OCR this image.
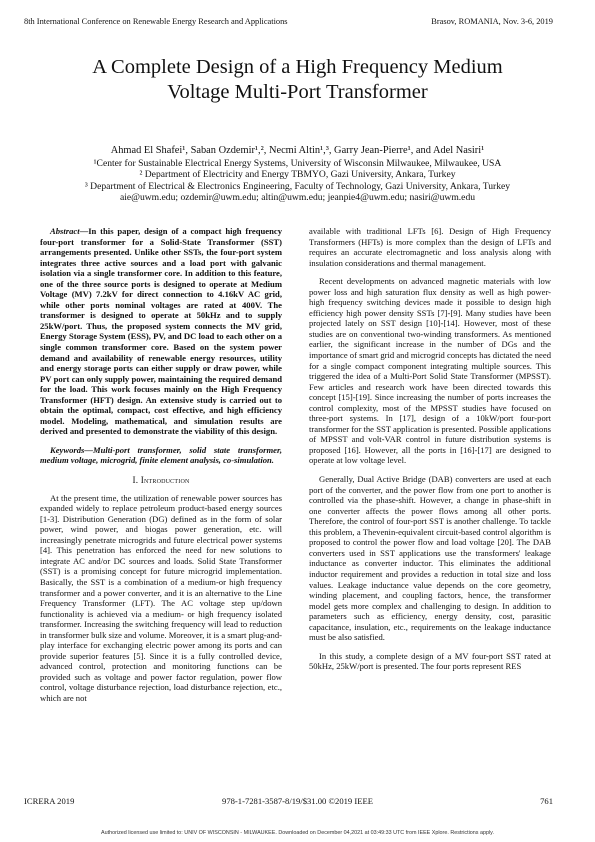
8th International Conference on Renewable Energy Research and Applications	Brasov, ROMANIA, Nov. 3-6, 2019
A Complete Design of a High Frequency Medium
Voltage Multi-Port Transformer
Ahmad El Shafei¹, Saban Ozdemir¹,², Necmi Altin¹,³, Garry Jean-Pierre¹, and Adel Nasiri¹
¹Center for Sustainable Electrical Energy Systems, University of Wisconsin Milwaukee, Milwaukee, USA
² Department of Electricity and Energy TBMYO, Gazi University, Ankara, Turkey
³ Department of Electrical & Electronics Engineering, Faculty of Technology, Gazi University, Ankara, Turkey
aie@uwm.edu; ozdemir@uwm.edu; altin@uwm.edu; jeanpie4@uwm.edu; nasiri@uwm.edu

Abstract—In this paper, design of a compact high frequency four-port transformer for a Solid-State Transformer (SST) arrangements presented. Unlike other SSTs, the four-port system integrates three active sources and a load port with galvanic isolation via a single transformer core. In addition to this feature, one of the three source ports is designed to operate at Medium Voltage (MV) 7.2kV for direct connection to 4.16kV AC grid, while other ports nominal voltages are rated at 400V. The transformer is designed to operate at 50kHz and to supply 25kW/port. Thus, the proposed system connects the MV grid, Energy Storage System (ESS), PV, and DC load to each other on a single common transformer core. Based on the system power demand and availability of renewable energy resources, utility and energy storage ports can either supply or draw power, while PV port can only supply power, maintaining the required demand for the load. This work focuses mainly on the High Frequency Transformer (HFT) design. An extensive study is carried out to obtain the optimal, compact, cost effective, and high efficiency model. Modeling, mathematical, and simulation results are derived and presented to demonstrate the viability of this design.

Keywords—Multi-port transformer, solid state transformer, medium voltage, microgrid, finite element analysis, co-simulation.

I. Introduction

At the present time, the utilization of renewable power sources has expanded widely to replace petroleum product-based energy sources [1-3]. Distribution Generation (DG) defined as in the form of solar power, wind power, and biogas power generation, etc. will increasingly penetrate microgrids and future electrical power systems [4]. This penetration has enforced the need for new solutions to integrate AC and/or DC sources and loads. Solid State Transformer (SST) is a promising concept for future microgrid implementation. Basically, the SST is a combination of a medium-or high frequency transformer and a power converter, and it is an alternative to the Line Frequency Transformer (LFT). The AC voltage step up/down functionality is achieved via a medium- or high frequency isolated transformer. Increasing the switching frequency will lead to reduction in transformer bulk size and volume. Moreover, it is a smart plug-and-play interface for exchanging electric power among its ports and can provide superior features [5]. Since it is a fully controlled device, advanced control, protection and monitoring functions can be provided such as voltage and power factor regulation, power flow control, voltage disturbance rejection, load disturbance rejection, etc., which are not

available with traditional LFTs [6]. Design of High Frequency Transformers (HFTs) is more complex than the design of LFTs and requires an accurate electromagnetic and loss analysis along with insulation considerations and thermal management.

Recent developments on advanced magnetic materials with low power loss and high saturation flux density as well as high power-high frequency switching devices made it possible to design high efficiency high power density SSTs [7]-[9]. Many studies have been projected lately on SST design [10]-[14]. However, most of these studies are on conventional two-winding transformers. As mentioned earlier, the significant increase in the number of DGs and the importance of smart grid and microgrid concepts has dictated the need for a single compact component integrating multiple sources. This triggered the idea of a Multi-Port Solid State Transformer (MPSST). Few articles and research work have been directed towards this concept [15]-[19]. Since increasing the number of ports increases the control complexity, most of the MPSST studies have focused on three-port systems. In [17], design of a 10kW/port four-port transformer for the SST application is presented. Possible applications of MPSST and volt-VAR control in future distribution systems is proposed [16]. However, all the ports in [16]-[17] are designed to operate at low voltage level.

Generally, Dual Active Bridge (DAB) converters are used at each port of the converter, and the power flow from one port to another is controlled via the phase-shift. However, a change in phase-shift in one converter affects the power flows among all other ports. Therefore, the control of four-port SST is another challenge. To tackle this problem, a Thevenin-equivalent circuit-based control algorithm is proposed to control the power flow and load voltage [20]. The DAB converters used in SST applications use the transformers' leakage inductance as converter inductor. This eliminates the additional inductor requirement and provides a reduction in total size and loss values. Leakage inductance value depends on the core geometry, winding placement, and coupling factors, hence, the transformer model gets more complex and challenging to design. In addition to parameters such as efficiency, energy density, cost, parasitic capacitance, insulation, etc., requirements on the leakage inductance must be also satisfied.

In this study, a complete design of a MV four-port SST rated at 50kHz, 25kW/port is presented. The four ports represent RES

ICRERA 2019	978-1-7281-3587-8/19/$31.00 ©2019 IEEE	761
Authorized licensed use limited to: UNIV OF WISCONSIN - MILWAUKEE. Downloaded on December 04,2021 at 03:49:33 UTC from IEEE Xplore. Restrictions apply.
